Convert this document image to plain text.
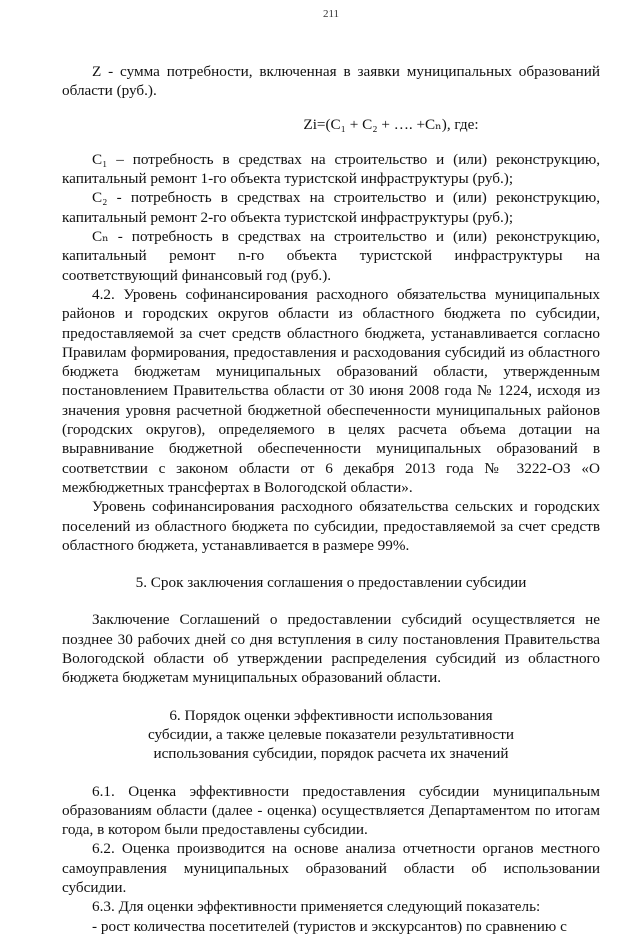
211

Z - сумма потребности, включенная в заявки муниципальных образований области (руб.).

Zi=(C₁ + C₂ + …. +Cₙ), где:

C₁ – потребность в средствах на строительство и (или) реконструкцию, капитальный ремонт 1-го объекта туристской инфраструктуры (руб.);

C₂ - потребность в средствах на строительство и (или) реконструкцию, капитальный ремонт 2-го объекта туристской инфраструктуры (руб.);

Cₙ - потребность в средствах на строительство и (или) реконструкцию, капитальный ремонт n-го объекта туристской инфраструктуры на соответствующий финансовый год (руб.).

4.2. Уровень софинансирования расходного обязательства муниципальных районов и городских округов области из областного бюджета по субсидии, предоставляемой за счет средств областного бюджета, устанавливается согласно Правилам формирования, предоставления и расходования субсидий из областного бюджета бюджетам муниципальных образований области, утвержденным постановлением Правительства области от 30 июня 2008 года № 1224, исходя из значения уровня расчетной бюджетной обеспеченности муниципальных районов (городских округов), определяемого в целях расчета объема дотации на выравнивание бюджетной обеспеченности муниципальных образований в соответствии с законом области от 6 декабря 2013 года № 3222-ОЗ «О межбюджетных трансфертах в Вологодской области».

Уровень софинансирования расходного обязательства сельских и городских поселений из областного бюджета по субсидии, предоставляемой за счет средств областного бюджета, устанавливается в размере 99%.

5. Срок заключения соглашения о предоставлении субсидии

Заключение Соглашений о предоставлении субсидий осуществляется не позднее 30 рабочих дней со дня вступления в силу постановления Правительства Вологодской области об утверждении распределения субсидий из областного бюджета бюджетам муниципальных образований области.

6. Порядок оценки эффективности использования
субсидии, а также целевые показатели результативности
использования субсидии, порядок расчета их значений

6.1. Оценка эффективности предоставления субсидии муниципальным образованиям области (далее - оценка) осуществляется Департаментом по итогам года, в котором были предоставлены субсидии.

6.2. Оценка производится на основе анализа отчетности органов местного самоуправления муниципальных образований области об использовании субсидии.

6.3. Для оценки эффективности применяется следующий показатель:

- рост количества посетителей (туристов и экскурсантов) по сравнению с
